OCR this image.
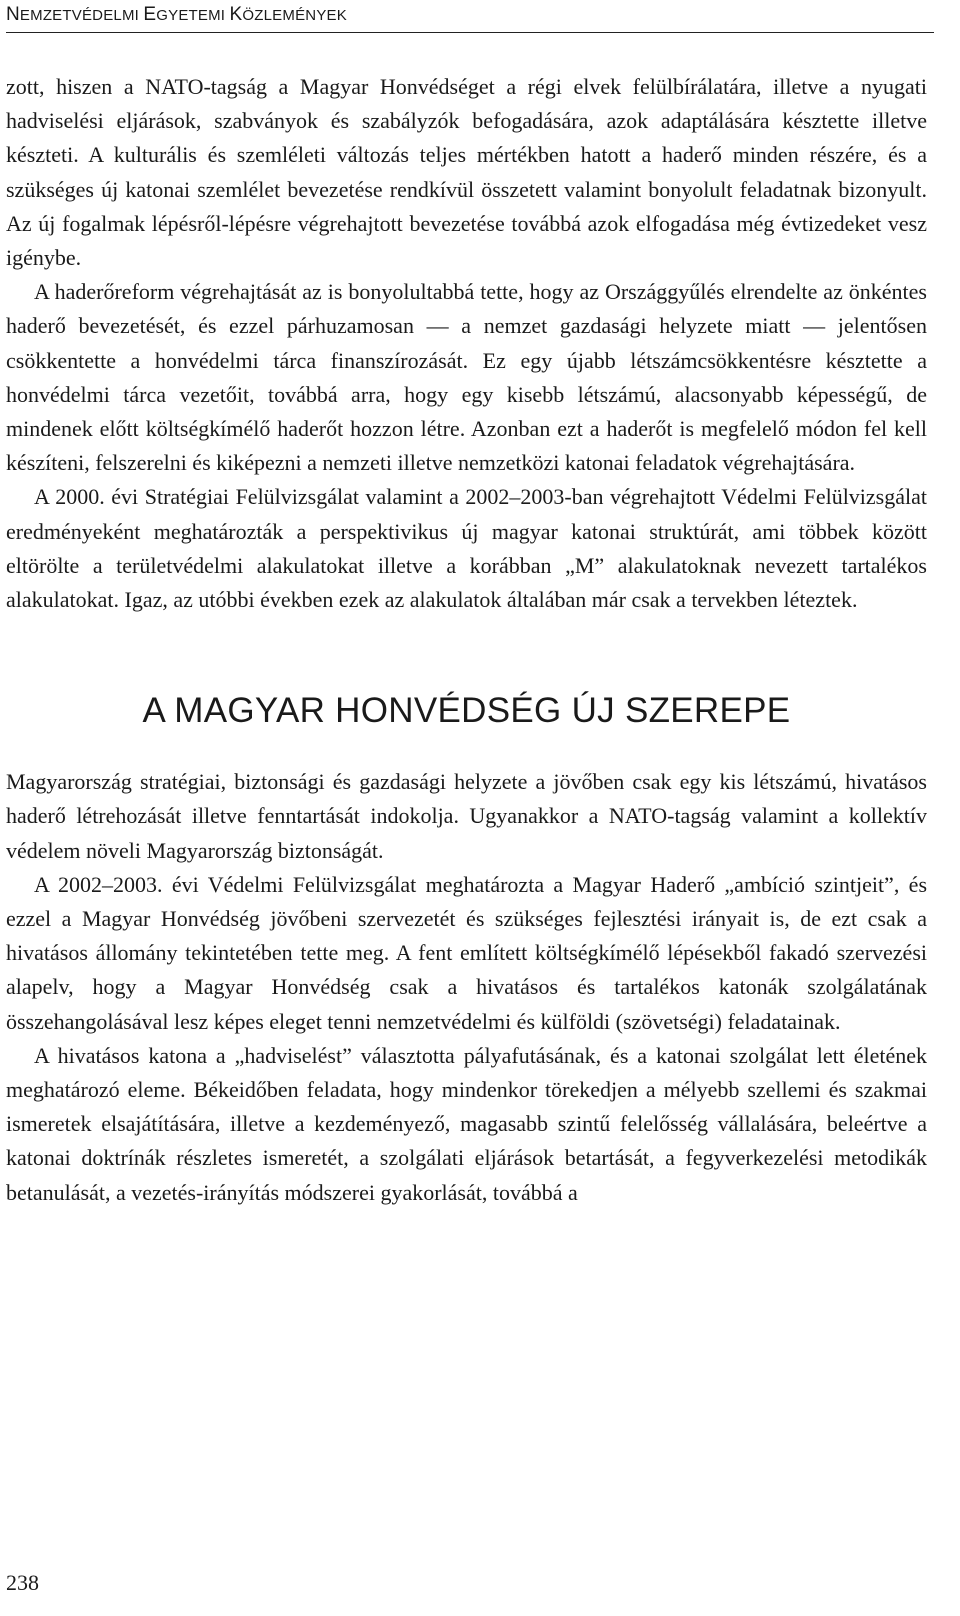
NEMZETVÉDELMI EGYETEMI KÖZLEMÉNYEK

zott, hiszen a NATO-tagság a Magyar Honvédséget a régi elvek felülbírálatára, illetve a nyugati hadviselési eljárások, szabványok és szabályzók befogadására, azok adaptálására késztette illetve készteti. A kulturális és szemléleti változás teljes mértékben hatott a haderő minden részére, és a szükséges új katonai szemlélet bevezetése rendkívül összetett valamint bonyolult feladatnak bizonyult. Az új fogalmak lépésről-lépésre végrehajtott bevezetése továbbá azok elfogadása még évtizedeket vesz igénybe.

A haderőreform végrehajtását az is bonyolultabbá tette, hogy az Országgyűlés elrendelte az önkéntes haderő bevezetését, és ezzel párhuzamosan — a nemzet gazdasági helyzete miatt — jelentősen csökkentette a honvédelmi tárca finanszírozását. Ez egy újabb létszámcsökkentésre késztette a honvédelmi tárca vezetőit, továbbá arra, hogy egy kisebb létszámú, alacsonyabb képességű, de mindenek előtt költségkímélő haderőt hozzon létre. Azonban ezt a haderőt is megfelelő módon fel kell készíteni, felszerelni és kiképezni a nemzeti illetve nemzetközi katonai feladatok végrehajtására.

A 2000. évi Stratégiai Felülvizsgálat valamint a 2002–2003-ban végrehajtott Védelmi Felülvizsgálat eredményeként meghatározták a perspektivikus új magyar katonai struktúrát, ami többek között eltörölte a területvédelmi alakulatokat illetve a korábban „M” alakulatoknak nevezett tartalékos alakulatokat. Igaz, az utóbbi években ezek az alakulatok általában már csak a tervekben léteztek.

A MAGYAR HONVÉDSÉG ÚJ SZEREPE

Magyarország stratégiai, biztonsági és gazdasági helyzete a jövőben csak egy kis létszámú, hivatásos haderő létrehozását illetve fenntartását indokolja. Ugyanakkor a NATO-tagság valamint a kollektív védelem növeli Magyarország biztonságát.

A 2002–2003. évi Védelmi Felülvizsgálat meghatározta a Magyar Haderő „ambíció szintjeit”, és ezzel a Magyar Honvédség jövőbeni szervezetét és szükséges fejlesztési irányait is, de ezt csak a hivatásos állomány tekintetében tette meg. A fent említett költségkímélő lépésekből fakadó szervezési alapelv, hogy a Magyar Honvédség csak a hivatásos és tartalékos katonák szolgálatának összehangolásával lesz képes eleget tenni nemzetvédelmi és külföldi (szövetségi) feladatainak.

A hivatásos katona a „hadviselést” választotta pályafutásának, és a katonai szolgálat lett életének meghatározó eleme. Békeidőben feladata, hogy mindenkor törekedjen a mélyebb szellemi és szakmai ismeretek elsajátítására, illetve a kezdeményező, magasabb szintű felelősség vállalására, beleértve a katonai doktrínák részletes ismeretét, a szolgálati eljárások betartását, a fegyverkezelési metodikák betanulását, a vezetés-irányítás módszerei gyakorlását, továbbá a

238
